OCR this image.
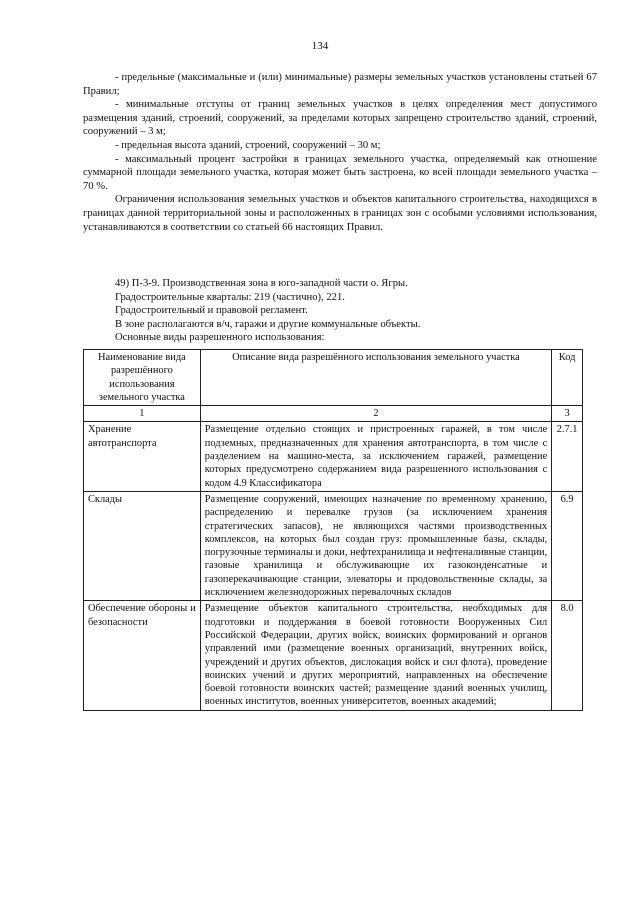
134

- предельные (максимальные и (или) минимальные) размеры земельных участков установлены статьей 67 Правил;

- минимальные отступы от границ земельных участков в целях определения мест допустимого размещения зданий, строений, сооружений, за пределами которых запрещено строительство зданий, строений, сооружений – 3 м;

- предельная высота зданий, строений, сооружений – 30 м;

- максимальный процент застройки в границах земельного участка, определяемый как отношение суммарной площади земельного участка, которая может быть застроена, ко всей площади земельного участка – 70 %.

Ограничения использования земельных участков и объектов капитального строительства, находящихся в границах данной территориальной зоны и расположенных в границах зон с особыми условиями использования, устанавливаются в соответствии со статьей 66 настоящих Правил.

49) П-3-9. Производственная зона в юго-западной части о. Ягры.

Градостроительные кварталы: 219 (частично), 221.

Градостроительный и правовой регламент.

В зоне располагаются в/ч, гаражи и другие коммунальные объекты.

Основные виды разрешенного использования:

Наименование вида разрешённого использования земельного участка	Описание вида разрешённого использования земельного участка	Код
1	2	3
Хранение автотранспорта	Размещение отдельно стоящих и пристроенных гаражей, в том числе подземных, предназначенных для хранения автотранспорта, в том числе с разделением на машино-места, за исключением гаражей, размещение которых предусмотрено содержанием вида разрешенного использования с кодом 4.9 Классификатора	2.7.1
Склады	Размещение сооружений, имеющих назначение по временному хранению, распределению и перевалке грузов (за исключением хранения стратегических запасов), не являющихся частями производственных комплексов, на которых был создан груз: промышленные базы, склады, погрузочные терминалы и доки, нефтехранилища и нефтеналивные станции, газовые хранилища и обслуживающие их газоконденсатные и газоперекачивающие станции, элеваторы и продовольственные склады, за исключением железнодорожных перевалочных складов	6.9
Обеспечение обороны и безопасности	Размещение объектов капитального строительства, необходимых для подготовки и поддержания в боевой готовности Вооруженных Сил Российской Федерации, других войск, воинских формирований и органов управлений ими (размещение военных организаций, внутренних войск, учреждений и других объектов, дислокация войск и сил флота), проведение воинских учений и других мероприятий, направленных на обеспечение боевой готовности воинских частей; размещение зданий военных училищ, военных институтов, военных университетов, военных академий;	8.0
